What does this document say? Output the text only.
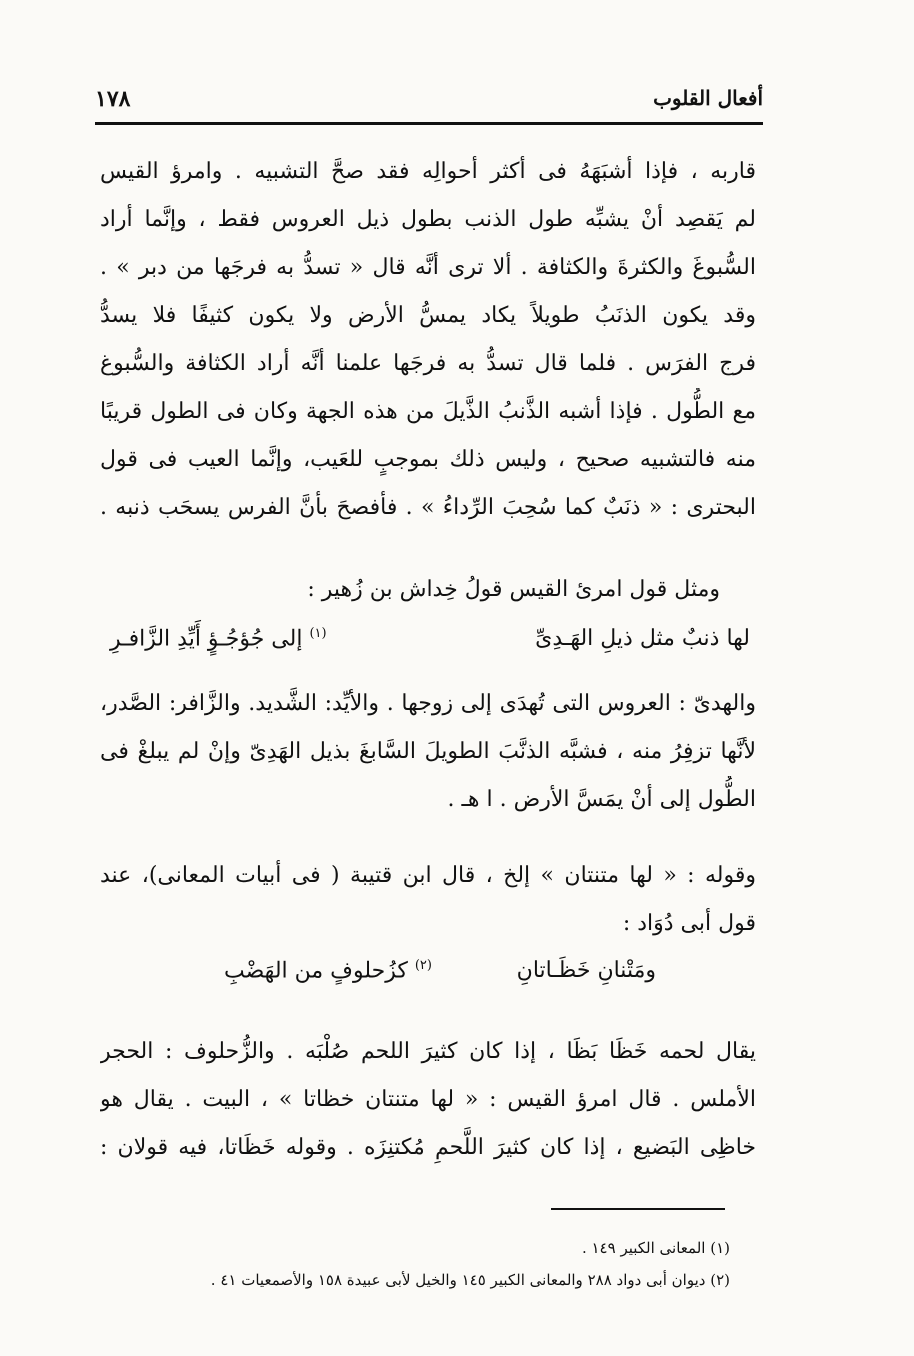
أفعال القلوب
١٧٨
قاربه ، فإذا أشبَهَهُ فى أكثر أحوالِه فقد صحَّ التشبيه . وامرؤ القيس
لم يَقصِد أنْ يشبِّه طول الذنب بطول ذيل العروس فقط ، وإنَّما أراد
السُّبوغَ والكثرةَ والكثافة . ألا ترى أنَّه قال « تسدُّ به فرجَها من دبر » .
وقد يكون الذنَبُ طويلاً يكاد يمسُّ الأرض ولا يكون كثيفًا فلا يسدُّ
فرج الفرَس . فلما قال تسدُّ به فرجَها علمنا أنَّه أراد الكثافة والسُّبوغ
مع الطُّول . فإذا أشبه الذَّنبُ الذَّيلَ من هذه الجهة وكان فى الطول قريبًا
منه فالتشبيه صحيح ، وليس ذلك بموجبٍ للعَيب، وإنَّما العيب فى قول
البحترى : « ذنَبٌ كما سُحِبَ الرِّداءُ » . فأفصحَ بأنَّ الفرس يسحَب ذنبه .
ومثل قول امرئ القيس قولُ خِداش بن زُهير :
لها ذنبٌ مثل ذيلِ الهَـدِىِّ
$^{(١)}$ إلى جُؤجُـؤٍ أَيِّدِ الزَّافـرِ
والهدىّ : العروس التى تُهدَى إلى زوجها . والأيِّد: الشَّديد. والزَّافر: الصَّدر،
لأنَّها تزفِرُ منه ، فشبَّه الذنَّبَ الطويلَ السَّابغَ بذيل الهَدِىّ وإنْ لم يبلغْ فى
الطُّول إلى أنْ يمَسَّ الأرض . ا هـ .
وقوله : « لها متنتان » إلخ ، قال ابن قتيبة ( فى أبيات المعانى)، عند
قول أبى دُوَاد :
ومَتْنانِ خَظَـاتانِ
$^{(٢)}$ كزُحلوفٍ من الهَضْبِ
يقال لحمه خَظَا بَظَا ، إذا كان كثيرَ اللحم صُلْبَه . والزُّحلوف : الحجر
الأملس . قال امرؤ القيس : « لها متنتان خظاتا » ، البيت . يقال هو
خاظِى البَضيع ، إذا كان كثيرَ اللَّحمِ مُكتنِزَه . وقوله خَظَاتا، فيه قولان :
(١) المعانى الكبير ١٤٩ .
(٢) ديوان أبى دواد ٢٨٨ والمعانى الكبير ١٤٥ والخيل لأبى عبيدة ١٥٨ والأصمعيات ٤١ .
